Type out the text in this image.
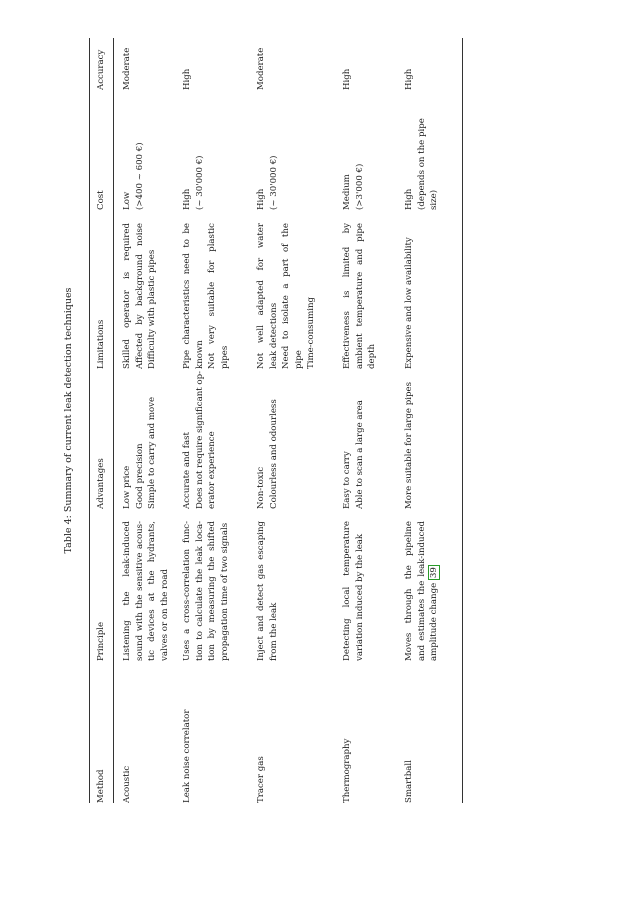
Table 4: Summary of current leak detection techniques
Method
Principle
Advantages
Limitations
Cost
Accuracy
Acoustic
Listening the leak-induced sound with the sensitive acous- tic devices at the hydrants, valves or on the road
Low price Good precision Simple to carry and move
Skilled operator is required Affected by background noise Difficulty with plastic pipes
Low (>400 ~ 600 €)
Moderate
Leak noise correlator
Uses a cross-correlation func- tion to calculate the leak loca- tion by measuring the shifted propagation time of two signals
Accurate and fast Does not require significant op- erator experience
Pipe characteristics need to be known Not very suitable for plastic pipes
High (~ 30'000 €)
High
Tracer gas
Inject and detect gas escaping from the leak
Non-toxic Colourless and odourless
Not well adapted for water leak detections Need to isolate a part of the pipe Time-consuming
High (~ 30'000 €)
Moderate
Thermography
Detecting local temperature variation induced by the leak
Easy to carry Able to scan a large area
Effectiveness is limited by ambient temperature and pipe depth
Medium (>3'000 €)
High
Smartball
Moves through the pipeline and estimates the leak-induced amplitude change 39
More suitable for large pipes
Expensive and low availability
High (depends on the pipe size)
High
